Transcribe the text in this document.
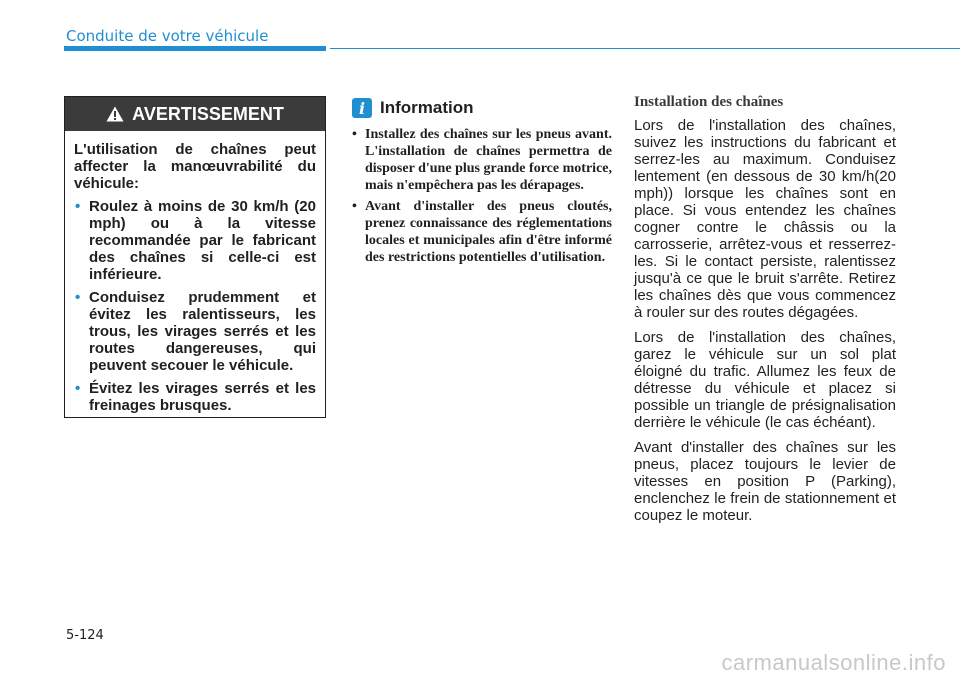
Conduite de votre véhicule
AVERTISSEMENT

L'utilisation de chaînes peut affecter la manœuvrabilité du véhicule:

• Roulez à moins de 30 km/h (20 mph) ou à la vitesse recommandée par le fabricant des chaînes si celle-ci est inférieure.
• Conduisez prudemment et évitez les ralentisseurs, les trous, les virages serrés et les routes dangereuses, qui peuvent secouer le véhicule.
• Évitez les virages serrés et les freinages brusques.
i Information
• Installez des chaînes sur les pneus avant. L'installation de chaînes permettra de disposer d'une plus grande force motrice, mais n'empêchera pas les dérapages.
• Avant d'installer des pneus cloutés, prenez connaissance des réglementations locales et municipales afin d'être informé des restrictions potentielles d'utilisation.
Installation des chaînes

Lors de l'installation des chaînes, suivez les instructions du fabricant et serrez-les au maximum. Conduisez lentement (en dessous de 30 km/h(20 mph)) lorsque les chaînes sont en place. Si vous entendez les chaînes cogner contre le châssis ou la carrosserie, arrêtez-vous et resserrez-les. Si le contact persiste, ralentissez jusqu'à ce que le bruit s'arrête. Retirez les chaînes dès que vous commencez à rouler sur des routes dégagées.

Lors de l'installation des chaînes, garez le véhicule sur un sol plat éloigné du trafic. Allumez les feux de détresse du véhicule et placez si possible un triangle de présignalisation derrière le véhicule (le cas échéant).

Avant d'installer des chaînes sur les pneus, placez toujours le levier de vitesses en position P (Parking), enclenchez le frein de stationnement et coupez le moteur.

5-124
carmanualsonline.info
